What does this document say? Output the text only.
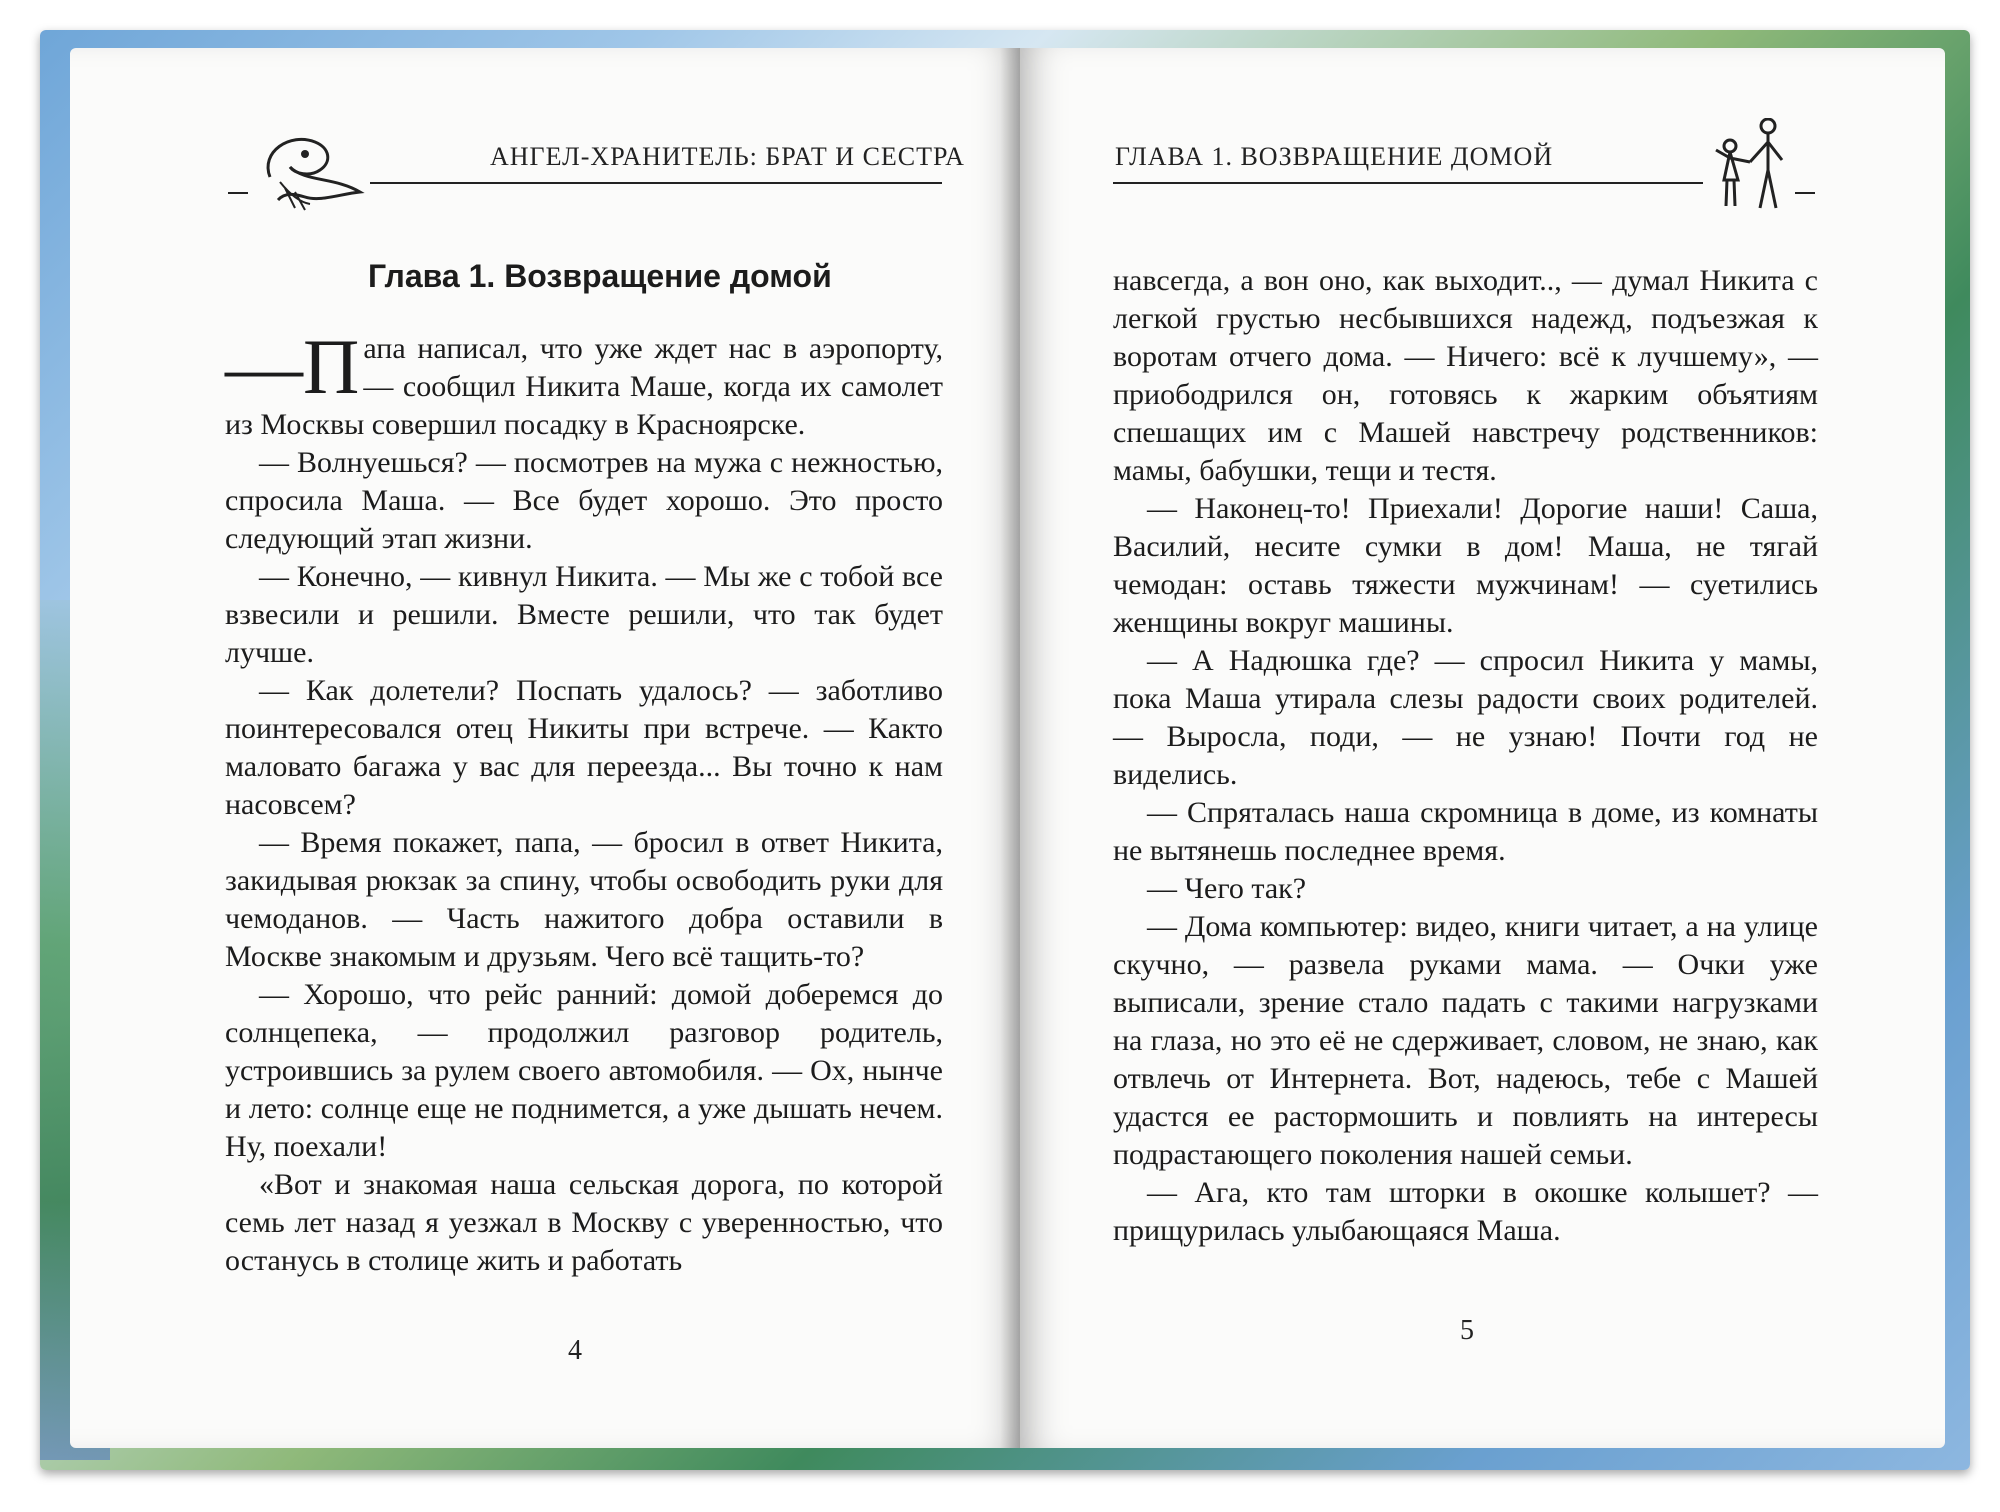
АНГЕЛ-ХРАНИТЕЛЬ: БРАТ И СЕСТРА
Глава 1. Возвращение домой

—П апа написал, что уже ждет нас в аэропорту, — сообщил Никита Маше, когда их самолет из Москвы совершил посадку в Красноярске.

— Волнуешься? — посмотрев на мужа с нежностью, спросила Маша. — Все будет хорошо. Это просто следующий этап жизни.

— Конечно, — кивнул Никита. — Мы же с тобой все взвесили и решили. Вместе решили, что так будет лучше.

— Как долетели? Поспать удалось? — заботливо поинтересовался отец Никиты при встрече. — Както маловато багажа у вас для переезда... Вы точно к нам насовсем?

— Время покажет, папа, — бросил в ответ Никита, закидывая рюкзак за спину, чтобы освободить руки для чемоданов. — Часть нажитого добра оставили в Москве знакомым и друзьям. Чего всё тащить-то?

— Хорошо, что рейс ранний: домой доберемся до солнцепека, — продолжил разговор родитель, устроившись за рулем своего автомобиля. — Ох, нынче и лето: солнце еще не поднимется, а уже дышать нечем. Ну, поехали!

«Вот и знакомая наша сельская дорога, по которой семь лет назад я уезжал в Москву с уверенностью, что останусь в столице жить и работать

4
ГЛАВА 1. ВОЗВРАЩЕНИЕ ДОМОЙ

навсегда, а вон оно, как выходит.., — думал Никита с легкой грустью несбывшихся надежд, подъезжая к воротам отчего дома. — Ничего: всё к лучшему», — приободрился он, готовясь к жарким объятиям спешащих им с Машей навстречу родственников: мамы, бабушки, тещи и тестя.

— Наконец-то! Приехали! Дорогие наши! Саша, Василий, несите сумки в дом! Маша, не тягай чемодан: оставь тяжести мужчинам! — суетились женщины вокруг машины.

— А Надюшка где? — спросил Никита у мамы, пока Маша утирала слезы радости своих родителей. — Выросла, поди, — не узнаю! Почти год не виделись.

— Спряталась наша скромница в доме, из комнаты не вытянешь последнее время.

— Чего так?

— Дома компьютер: видео, книги читает, а на улице скучно, — развела руками мама. — Очки уже выписали, зрение стало падать с такими нагрузками на глаза, но это её не сдерживает, словом, не знаю, как отвлечь от Интернета. Вот, надеюсь, тебе с Машей удастся ее растормошить и повлиять на интересы подрастающего поколения нашей семьи.

— Ага, кто там шторки в окошке колышет? — прищурилась улыбающаяся Маша.

5
